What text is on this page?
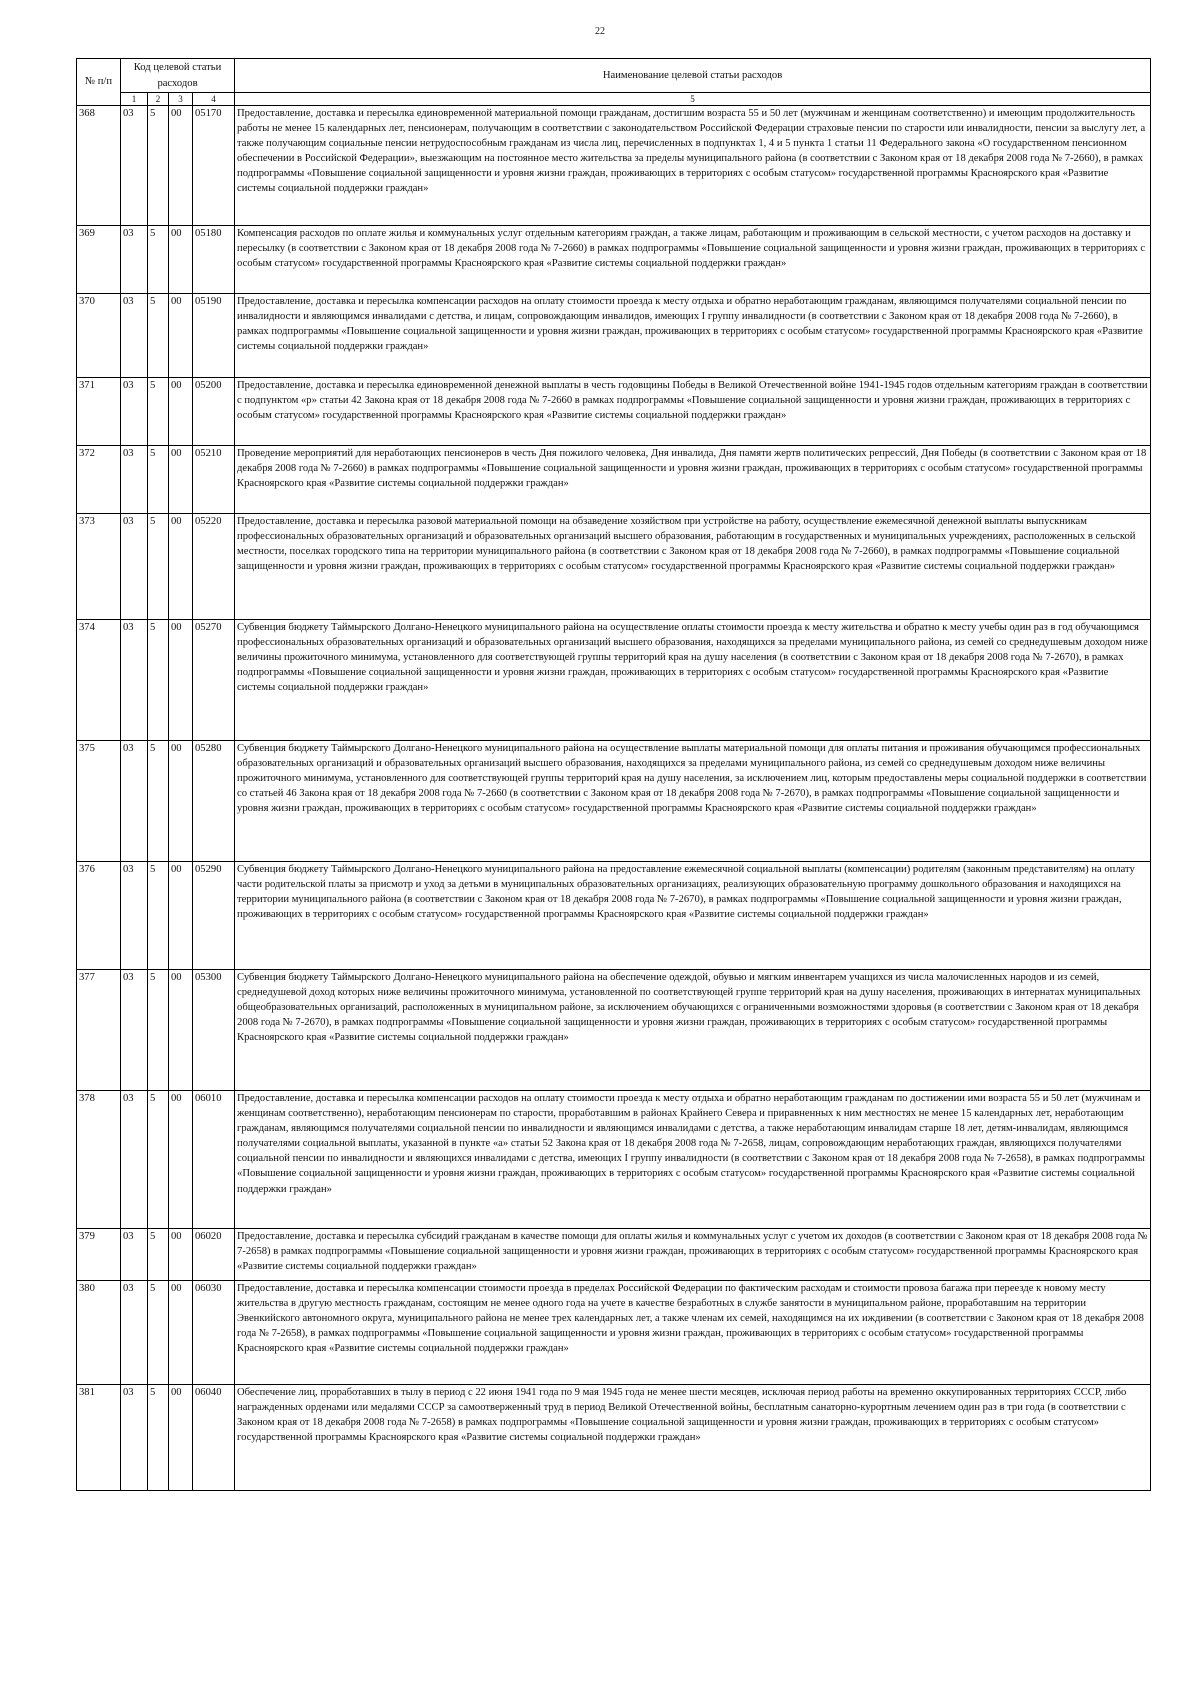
22
№ п/п	Код целевой статьи расходов				Наименование целевой статьи расходов
	1	2	3	4	5
368	03	5	00	05170	Предоставление, доставка и пересылка единовременной материальной помощи гражданам, достигшим возраста 55 и 50 лет (мужчинам и женщинам соответственно) и имеющим продолжительность работы не менее 15 календарных лет, пенсионерам, получающим в соответствии с законодательством Российской Федерации страховые пенсии по старости или инвалидности, пенсии за выслугу лет, а также получающим социальные пенсии нетрудоспособным гражданам из числа лиц, перечисленных в подпунктах 1, 4 и 5 пункта 1 статьи 11 Федерального закона «О государственном пенсионном обеспечении в Российской Федерации», выезжающим на постоянное место жительства за пределы муниципального района (в соответствии с Законом края от 18 декабря 2008 года № 7-2660), в рамках подпрограммы «Повышение социальной защищенности и уровня жизни граждан, проживающих в территориях с особым статусом» государственной программы Красноярского края «Развитие системы социальной поддержки граждан»
369	03	5	00	05180	Компенсация расходов по оплате жилья и коммунальных услуг отдельным категориям граждан, а также лицам, работающим и проживающим в сельской местности, с учетом расходов на доставку и пересылку (в соответствии с Законом края от 18 декабря 2008 года № 7-2660) в рамках подпрограммы «Повышение социальной защищенности и уровня жизни граждан, проживающих в территориях с особым статусом» государственной программы Красноярского края «Развитие системы социальной поддержки граждан»
370	03	5	00	05190	Предоставление, доставка и пересылка компенсации расходов на оплату стоимости проезда к месту отдыха и обратно неработающим гражданам, являющимся получателями социальной пенсии по инвалидности и являющимся инвалидами с детства, и лицам, сопровождающим инвалидов, имеющих I группу инвалидности (в соответствии с Законом края от 18 декабря 2008 года № 7-2660), в рамках подпрограммы «Повышение социальной защищенности и уровня жизни граждан, проживающих в территориях с особым статусом» государственной программы Красноярского края «Развитие системы социальной поддержки граждан»
371	03	5	00	05200	Предоставление, доставка и пересылка единовременной денежной выплаты в честь годовщины Победы в Великой Отечественной войне 1941-1945 годов отдельным категориям граждан в соответствии с подпунктом «р» статьи 42 Закона края от 18 декабря 2008 года № 7-2660 в рамках подпрограммы «Повышение социальной защищенности и уровня жизни граждан, проживающих в территориях с особым статусом» государственной программы Красноярского края «Развитие системы социальной поддержки граждан»
372	03	5	00	05210	Проведение мероприятий для неработающих пенсионеров в честь Дня пожилого человека, Дня инвалида, Дня памяти жертв политических репрессий, Дня Победы (в соответствии с Законом края от 18 декабря 2008 года № 7-2660) в рамках подпрограммы «Повышение социальной защищенности и уровня жизни граждан, проживающих в территориях с особым статусом» государственной программы Красноярского края «Развитие системы социальной поддержки граждан»
373	03	5	00	05220	Предоставление, доставка и пересылка разовой материальной помощи на обзаведение хозяйством при устройстве на работу, осуществление ежемесячной денежной выплаты выпускникам профессиональных образовательных организаций и образовательных организаций высшего образования, работающим в государственных и муниципальных учреждениях, расположенных в сельской местности, поселках городского типа на территории муниципального района (в соответствии с Законом края от 18 декабря 2008 года № 7-2660), в рамках подпрограммы «Повышение социальной защищенности и уровня жизни граждан, проживающих в территориях с особым статусом» государственной программы Красноярского края «Развитие системы социальной поддержки граждан»
374	03	5	00	05270	Субвенция бюджету Таймырского Долгано-Ненецкого муниципального района на осуществление оплаты стоимости проезда к месту жительства и обратно к месту учебы один раз в год обучающимся профессиональных образовательных организаций и образовательных организаций высшего образования, находящихся за пределами муниципального района, из семей со среднедушевым доходом ниже величины прожиточного минимума, установленного для соответствующей группы территорий края на душу населения (в соответствии с Законом края от 18 декабря 2008 года № 7-2670), в рамках подпрограммы «Повышение социальной защищенности и уровня жизни граждан, проживающих в территориях с особым статусом» государственной программы Красноярского края «Развитие системы социальной поддержки граждан»
375	03	5	00	05280	Субвенция бюджету Таймырского Долгано-Ненецкого муниципального района на осуществление выплаты материальной помощи для оплаты питания и проживания обучающимся профессиональных образовательных организаций и образовательных организаций высшего образования, находящихся за пределами муниципального района, из семей со среднедушевым доходом ниже величины прожиточного минимума, установленного для соответствующей группы территорий края на душу населения, за исключением лиц, которым предоставлены меры социальной поддержки в соответствии со статьей 46 Закона края от 18 декабря 2008 года № 7-2660 (в соответствии с Законом края от 18 декабря 2008 года № 7-2670), в рамках подпрограммы «Повышение социальной защищенности и уровня жизни граждан, проживающих в территориях с особым статусом» государственной программы Красноярского края «Развитие системы социальной поддержки граждан»
376	03	5	00	05290	Субвенция бюджету Таймырского Долгано-Ненецкого муниципального района на предоставление ежемесячной социальной выплаты (компенсации) родителям (законным представителям) на оплату части родительской платы за присмотр и уход за детьми в муниципальных образовательных организациях, реализующих образовательную программу дошкольного образования и находящихся на территории муниципального района (в соответствии с Законом края от 18 декабря 2008 года № 7-2670), в рамках подпрограммы «Повышение социальной защищенности и уровня жизни граждан, проживающих в территориях с особым статусом» государственной программы Красноярского края «Развитие системы социальной поддержки граждан»
377	03	5	00	05300	Субвенция бюджету Таймырского Долгано-Ненецкого муниципального района на обеспечение одеждой, обувью и мягким инвентарем учащихся из числа малочисленных народов и из семей, среднедушевой доход которых ниже величины прожиточного минимума, установленной по соответствующей группе территорий края на душу населения, проживающих в интернатах муниципальных общеобразовательных организаций, расположенных в муниципальном районе, за исключением обучающихся с ограниченными возможностями здоровья (в соответствии с Законом края от 18 декабря 2008 года № 7-2670), в рамках подпрограммы «Повышение социальной защищенности и уровня жизни граждан, проживающих в территориях с особым статусом» государственной программы Красноярского края «Развитие системы социальной поддержки граждан»
378	03	5	00	06010	Предоставление, доставка и пересылка компенсации расходов на оплату стоимости проезда к месту отдыха и обратно неработающим гражданам по достижении ими возраста 55 и 50 лет (мужчинам и женщинам соответственно), неработающим пенсионерам по старости, проработавшим в районах Крайнего Севера и приравненных к ним местностях не менее 15 календарных лет, неработающим гражданам, являющимся получателями социальной пенсии по инвалидности и являющимся инвалидами с детства, а также неработающим инвалидам старше 18 лет, детям-инвалидам, являющимся получателями социальной выплаты, указанной в пункте «а» статьи 52 Закона края от 18 декабря 2008 года № 7-2658, лицам, сопровождающим неработающих граждан, являющихся получателями социальной пенсии по инвалидности и являющихся инвалидами с детства, имеющих I группу инвалидности (в соответствии с Законом края от 18 декабря 2008 года № 7-2658), в рамках подпрограммы «Повышение социальной защищенности и уровня жизни граждан, проживающих в территориях с особым статусом» государственной программы Красноярского края «Развитие системы социальной поддержки граждан»
379	03	5	00	06020	Предоставление, доставка и пересылка субсидий гражданам в качестве помощи для оплаты жилья и коммунальных услуг с учетом их доходов (в соответствии с Законом края от 18 декабря 2008 года № 7-2658) в рамках подпрограммы «Повышение социальной защищенности и уровня жизни граждан, проживающих в территориях с особым статусом» государственной программы Красноярского края «Развитие системы социальной поддержки граждан»
380	03	5	00	06030	Предоставление, доставка и пересылка компенсации стоимости проезда в пределах Российской Федерации по фактическим расходам и стоимости провоза багажа при переезде к новому месту жительства в другую местность гражданам, состоящим не менее одного года на учете в качестве безработных в службе занятости в муниципальном районе, проработавшим на территории Эвенкийского автономного округа, муниципального района не менее трех календарных лет, а также членам их семей, находящимся на их иждивении (в соответствии с Законом края от 18 декабря 2008 года № 7-2658), в рамках подпрограммы «Повышение социальной защищенности и уровня жизни граждан, проживающих в территориях с особым статусом» государственной программы Красноярского края «Развитие системы социальной поддержки граждан»
381	03	5	00	06040	Обеспечение лиц, проработавших в тылу в период с 22 июня 1941 года по 9 мая 1945 года не менее шести месяцев, исключая период работы на временно оккупированных территориях СССР, либо награжденных орденами или медалями СССР за самоотверженный труд в период Великой Отечественной войны, бесплатным санаторно-курортным лечением один раз в три года (в соответствии с Законом края от 18 декабря 2008 года № 7-2658) в рамках подпрограммы «Повышение социальной защищенности и уровня жизни граждан, проживающих в территориях с особым статусом» государственной программы Красноярского края «Развитие системы социальной поддержки граждан»
